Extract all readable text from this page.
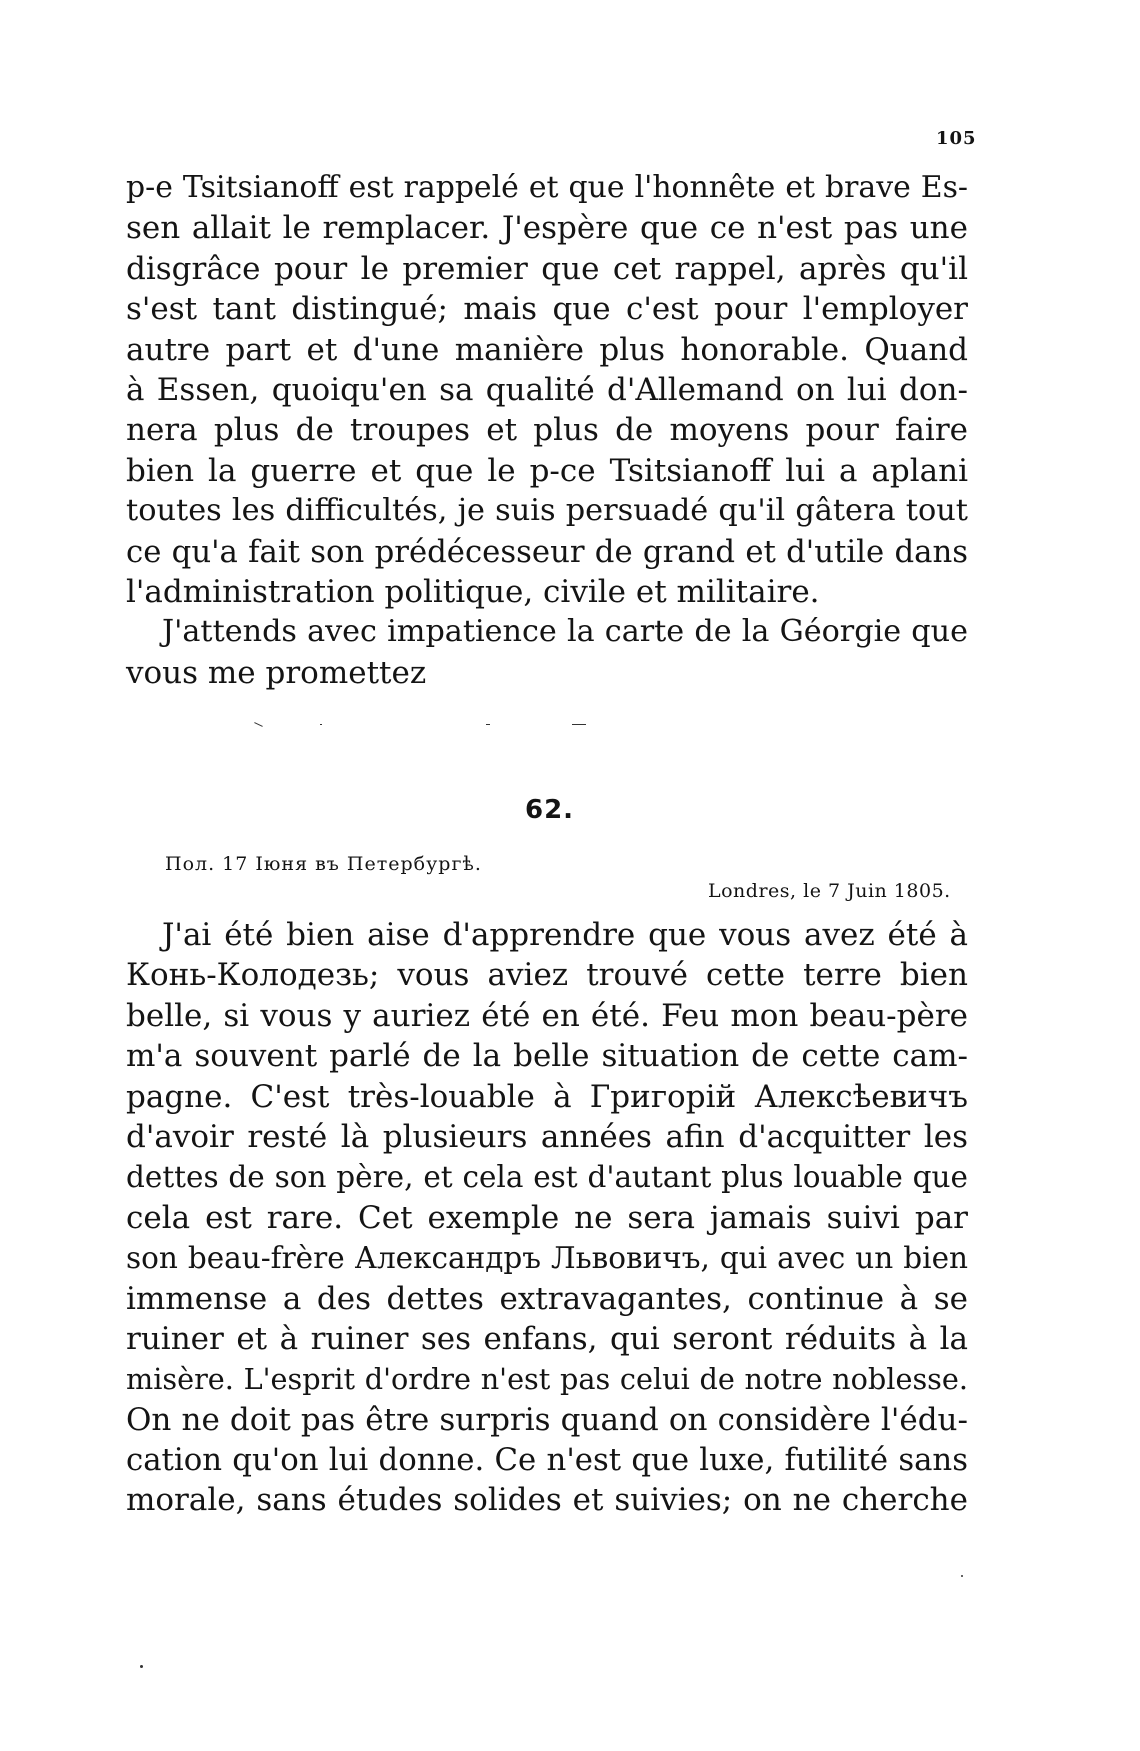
105
p-e Tsitsianoff est rappelé et que l'honnête et brave Es-
sen allait le remplacer. J'espère que ce n'est pas une
disgrâce pour le premier que cet rappel, après qu'il
s'est tant distingué; mais que c'est pour l'employer
autre part et d'une manière plus honorable. Quand
à Essen, quoiqu'en sa qualité d'Allemand on lui don-
nera plus de troupes et plus de moyens pour faire
bien la guerre et que le p-ce Tsitsianoff lui a aplani
toutes les difficultés, je suis persuadé qu'il gâtera tout
ce qu'a fait son prédécesseur de grand et d'utile dans
l'administration politique, civile et militaire.
J'attends avec impatience la carte de la Géorgie que
vous me promettez
62.
Пол. 17 Іюня въ Петербургѣ.
Londres, le 7 Juin 1805.
J'ai été bien aise d'apprendre que vous avez été à
Конь-Колодезь; vous aviez trouvé cette terre bien
belle, si vous y auriez été en été. Feu mon beau-père
m'a souvent parlé de la belle situation de cette cam-
pagne. C'est très-louable à Григорій Алексѣевичъ
d'avoir resté là plusieurs années afin d'acquitter les
dettes de son père, et cela est d'autant plus louable que
cela est rare. Cet exemple ne sera jamais suivi par
son beau-frère Александръ Львовичъ, qui avec un bien
immense a des dettes extravagantes, continue à se
ruiner et à ruiner ses enfans, qui seront réduits à la
misère. L'esprit d'ordre n'est pas celui de notre noblesse.
On ne doit pas être surpris quand on considère l'édu-
cation qu'on lui donne. Ce n'est que luxe, futilité sans
morale, sans études solides et suivies; on ne cherche
